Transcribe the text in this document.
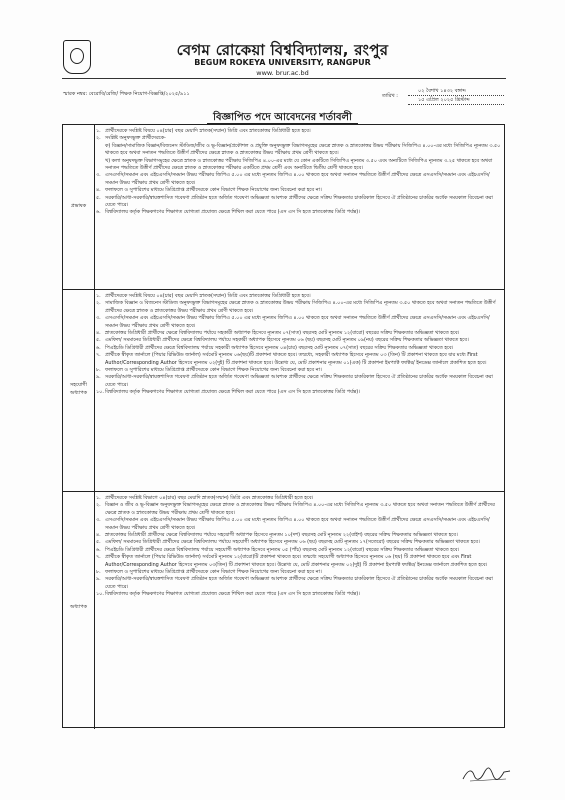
বেগম রোকেয়া বিশ্ববিদ্যালয়, রংপুর
BEGUM ROKEYA UNIVERSITY, RANGPUR
www. brur.ac.bd
স্মারক নম্বর: বেরোবি/রেজি/ শিক্ষক নিয়োগ-বিজ্ঞপ্তি/২০২৫/৯১১	তারিখ :
০২ বৈশাখ ১৪৩২ বঙ্গাব্দ
১৫ এপ্রিল ২০২৫ খ্রিস্টাব্দ
বিজ্ঞাপিত পদে আবেদনের শর্তাবলী
প্রভাষক
১. প্রার্থীদেরকে সংশ্লিষ্ট বিষয়ে ০৪(চার) বছর মেয়াদি স্নাতক(সম্মান) ডিগ্রি এবং স্নাতকোত্তর ডিগ্রিধারী হতে হবে।
২. সংশ্লিষ্ট অনুষদভুক্ত প্রার্থীদেরকে-
ক) বিজ্ঞান/সামাজিক বিজ্ঞান/বিজনেস স্টাডিজ/জীব ও ভূ-বিজ্ঞান/প্রকৌশল ও প্রযুক্তি অনুষদভুক্ত বিভাগসমূহের ক্ষেত্রে স্নাতক ও স্নাতকোত্তর উভয় পরীক্ষায় সিজিপিএ ৪.০০-এর মধ্যে সিজিপিএ ন্যূনতম ৩.৫০ থাকতে হবে অথবা সনাতন পদ্ধতিতে উত্তীর্ণ প্রার্থীদের ক্ষেত্রে স্নাতক ও স্নাতকোত্তর উভয় পরীক্ষায় প্রথম শ্রেণী থাকতে হবে।
খ) কলা অনুষদভুক্ত বিভাগসমূহের ক্ষেত্রে স্নাতক ও স্নাতকোত্তর পরীক্ষায় সিজিপিএ ৪.০০-এর মধ্যে যে কোন একটিতে সিজিপিএ ন্যূনতম ৩.৫০ এবং অন্যটিতে সিজিপিএ ন্যূনতম ৩.২৫ থাকতে হবে অথবা সনাতন পদ্ধতিতে উত্তীর্ণ প্রার্থীদের ক্ষেত্রে স্নাতক ও স্নাতকোত্তর পরীক্ষার একটিতে প্রথম শ্রেণী এবং অন্যটিতে দ্বিতীয় শ্রেণী থাকতে হবে।
৩. এসএসসি/সমমান এবং এইচএসসি/সমমান উভয় পরীক্ষায় জিপিএ ৫.০০ এর মধ্যে ন্যূনতম জিপিএ ৪.০০ থাকতে হবে অথবা সনাতন পদ্ধতিতে উত্তীর্ণ প্রার্থীদের ক্ষেত্রে এসএসসি/সমমান এবং এইচএসসি/সমমান উভয় পরীক্ষায় প্রথম শ্রেণী থাকতে হবে।
৪. ফলাফলে ও সুপারিশের মাধ্যমে ডিগ্রিপ্রাপ্ত প্রার্থীদেরকে কোন বিভাগে শিক্ষক নিয়োগের জন্য বিবেচনা করা হবে না।
৫. সরকারি/আধা-সরকারি/স্বায়ত্তশাসিত গবেষণা প্রতিষ্ঠান হতে অর্জিত গবেষণা অভিজ্ঞতা আবশ্যক প্রার্থীদের ক্ষেত্রে সক্রিয় শিক্ষকতার চাকরিকাল হিসেবে ঐ প্রতিষ্ঠানের চাকরির অর্ধেক সময়কাল বিবেচনা করা যেতে পারে।
৬. বিশ্ববিদ্যালয় কর্তৃক শিক্ষকগণের শিক্ষাগত যোগ্যতা প্রযোজ্য ক্ষেত্রে শিথিল করা যেতে পারে (এস এস সি হতে স্নাতকোত্তর ডিগ্রি পর্যন্ত)।
সহযোগী
অধ্যাপক
১. প্রার্থীদেরকে সংশ্লিষ্ট বিষয়ে ০৪(চার) বছর মেয়াদি স্নাতক(সম্মান) ডিগ্রি এবং স্নাতকোত্তর ডিগ্রিধারী হতে হবে।
২. সামাজিক বিজ্ঞান ও বিজনেস স্টাডিজ অনুষদভুক্ত বিভাগসমূহের ক্ষেত্রে স্নাতক ও স্নাতকোত্তর উভয় পরীক্ষায় সিজিপিএ ৪.০০-এর মধ্যে সিজিপিএ ন্যূনতম ৩.৫০ থাকতে হবে অথবা সনাতন পদ্ধতিতে উত্তীর্ণ প্রার্থীদের ক্ষেত্রে স্নাতক ও স্নাতকোত্তর উভয় পরীক্ষায় প্রথম শ্রেণী থাকতে হবে।
৩. এসএসসি/সমমান এবং এইচএসসি/সমমান উভয় পরীক্ষায় জিপিএ ৫.০০ এর মধ্যে ন্যূনতম জিপিএ ৪.০০ থাকতে হবে অথবা সনাতন পদ্ধতিতে উত্তীর্ণ প্রার্থীদের ক্ষেত্রে এসএসসি/সমমান এবং এইচএসসি/সমমান উভয় পরীক্ষায় প্রথম শ্রেণী থাকতে হবে।
৪. স্নাতকোত্তর ডিগ্রিধারী প্রার্থীদের ক্ষেত্রে বিশ্ববিদ্যালয় পর্যায়ে সহকারী অধ্যাপক হিসেবে ন্যূনতম ০৭(সাত) বছরসহ মোট ন্যূনতম ১২(বারো) বছরের সক্রিয় শিক্ষকতার অভিজ্ঞতা থাকতে হবে।
৫. এমফিল/ সমমানের ডিগ্রিধারী প্রার্থীদের ক্ষেত্রে বিশ্ববিদ্যালয় পর্যায়ে সহকারী অধ্যাপক হিসেবে ন্যূনতম ০৬ (ছয়) বছরসহ মোট ন্যূনতম ০৯(নয়) বছরের সক্রিয় শিক্ষকতার অভিজ্ঞতা থাকতে হবে।
৬. পিএইচডি ডিগ্রিধারী প্রার্থীদের ক্ষেত্রে বিশ্ববিদ্যালয় পর্যায়ে সহকারী অধ্যাপক হিসেবে ন্যূনতম ০৪(চার) বছরসহ মোট ন্যূনতম ০৭(সাত) বছরের সক্রিয় শিক্ষকতার অভিজ্ঞতা থাকতে হবে।
৭. প্রার্থীকে স্বীকৃত জার্নালে (পিয়ার রিভিউড জার্নাল) সর্বমোট ন্যূনতম ০৬(ছয়)টি প্রকাশনা থাকতে হবে। তন্মধ্যে, সহকারী অধ্যাপক হিসেবে ন্যূনতম ০৩ (তিন) টি প্রকাশনা থাকতে হবে যার মধ্যে First Author/Corresponding Author হিসেবে ন্যূনতম ০২(দুই) টি প্রকাশনা থাকতে হবে। উল্লেখ্য যে, মোট প্রকাশনার ন্যূনতম ০১(এক) টি প্রকাশনা ইমপ্যাক্ট ফ্যাক্টর/ ইনডেক্স জার্নালে প্রকাশিত হতে হবে।
৮. ফলাফলে ও সুপারিশের মাধ্যমে ডিগ্রিপ্রাপ্ত প্রার্থীদেরকে কোন বিভাগে শিক্ষক নিয়োগের জন্য বিবেচনা করা হবে না।
৯. সরকারি/আধা-সরকারি/স্বায়ত্তশাসিত গবেষণা প্রতিষ্ঠান হতে অর্জিত গবেষণা অভিজ্ঞতা আবশ্যক প্রার্থীদের ক্ষেত্রে সক্রিয় শিক্ষকতার চাকরিকাল হিসেবে ঐ প্রতিষ্ঠানের চাকরির অর্ধেক সময়কাল বিবেচনা করা যেতে পারে।
১০. বিশ্ববিদ্যালয় কর্তৃক শিক্ষকগণের শিক্ষাগত যোগ্যতা প্রযোজ্য ক্ষেত্রে শিথিল করা যেতে পারে (এস এস সি হতে স্নাতকোত্তর ডিগ্রি পর্যন্ত)।
অধ্যাপক
১. প্রার্থীদেরকে সংশ্লিষ্ট বিভাগে ০৪(চার) বছর মেয়াদি স্নাতক(সম্মান) ডিগ্রি এবং স্নাতকোত্তর ডিগ্রিধারী হতে হবে।
২. বিজ্ঞান ও জীব ও ভূ-বিজ্ঞান অনুষদভুক্ত বিভাগসমূহের ক্ষেত্রে স্নাতক ও স্নাতকোত্তর উভয় পরীক্ষায় সিজিপিএ ৪.০০-এর মধ্যে সিজিপিএ ন্যূনতম ৩.৫০ থাকতে হবে অথবা সনাতন পদ্ধতিতে উত্তীর্ণ প্রার্থীদের ক্ষেত্রে স্নাতক ও স্নাতকোত্তর উভয় পরীক্ষায় প্রথম শ্রেণী থাকতে হবে।
৩. এসএসসি/সমমান এবং এইচএসসি/সমমান উভয় পরীক্ষায় জিপিএ ৫.০০ এর মধ্যে ন্যূনতম জিপিএ ৪.০০ থাকতে হবে অথবা সনাতন পদ্ধতিতে উত্তীর্ণ প্রার্থীদের ক্ষেত্রে এসএসসি/সমমান এবং এইচএসসি/সমমান উভয় পরীক্ষায় প্রথম শ্রেণী থাকতে হবে।
৪. স্নাতকোত্তর ডিগ্রিধারী প্রার্থীদের ক্ষেত্রে বিশ্ববিদ্যালয় পর্যায়ে সহযোগী অধ্যাপক হিসেবে ন্যূনতম ১০(দশ) বছরসহ মোট ন্যূনতম ২২(বাইশ) বছরের সক্রিয় শিক্ষকতার অভিজ্ঞতা থাকতে হবে।
৫. এমফিল/ সমমানের ডিগ্রিধারী প্রার্থীদের ক্ষেত্রে বিশ্ববিদ্যালয় পর্যায়ে সহযোগী অধ্যাপক হিসেবে ন্যূনতম ০৬ (ছয়) বছরসহ মোট ন্যূনতম ১৭(সতেরো) বছরের সক্রিয় শিক্ষকতার অভিজ্ঞতা থাকতে হবে।
৬. পিএইচডি ডিগ্রিধারী প্রার্থীদের ক্ষেত্রে বিশ্ববিদ্যালয় পর্যায়ে সহযোগী অধ্যাপক হিসেবে ন্যূনতম ০৫ (পাঁচ) বছরসহ মোট ন্যূনতম ১২(বারো) বছরের সক্রিয় শিক্ষকতার অভিজ্ঞতা থাকতে হবে।
৭. প্রার্থীকে স্বীকৃত জার্নালে (পিয়ার রিভিউড জার্নাল) সর্বমোট ন্যূনতম ১২(বারো)টি প্রকাশনা থাকতে হবে। তন্মধ্যে সহযোগী অধ্যাপক হিসেবে ন্যূনতম ০৬ (ছয়) টি প্রকাশনা থাকতে হবে এবং First Author/Corresponding Author হিসেবে ন্যূনতম ০৩(তিন) টি প্রকাশনা থাকতে হবে। উল্লেখ্য যে, মোট প্রকাশনার ন্যূনতম ০২(দুই) টি প্রকাশনা ইমপ্যাক্ট ফ্যাক্টর/ ইনডেক্স জার্নালে প্রকাশিত হতে হবে।
৮. ফলাফলে ও সুপারিশের মাধ্যমে ডিগ্রিপ্রাপ্ত প্রার্থীদেরকে কোন বিভাগে শিক্ষক নিয়োগের জন্য বিবেচনা করা হবে না।
৯. সরকারি/আধা-সরকারি/স্বায়ত্তশাসিত গবেষণা প্রতিষ্ঠান হতে অর্জিত গবেষণা অভিজ্ঞতা আবশ্যক প্রার্থীদের ক্ষেত্রে সক্রিয় শিক্ষকতার চাকরিকাল হিসেবে ঐ প্রতিষ্ঠানের চাকরির অর্ধেক সময়কাল বিবেচনা করা যেতে পারে।
১০. বিশ্ববিদ্যালয় কর্তৃক শিক্ষকগণের শিক্ষাগত যোগ্যতা প্রযোজ্য ক্ষেত্রে শিথিল করা যেতে পারে (এস এস সি হতে স্নাতকোত্তর ডিগ্রি পর্যন্ত)।
